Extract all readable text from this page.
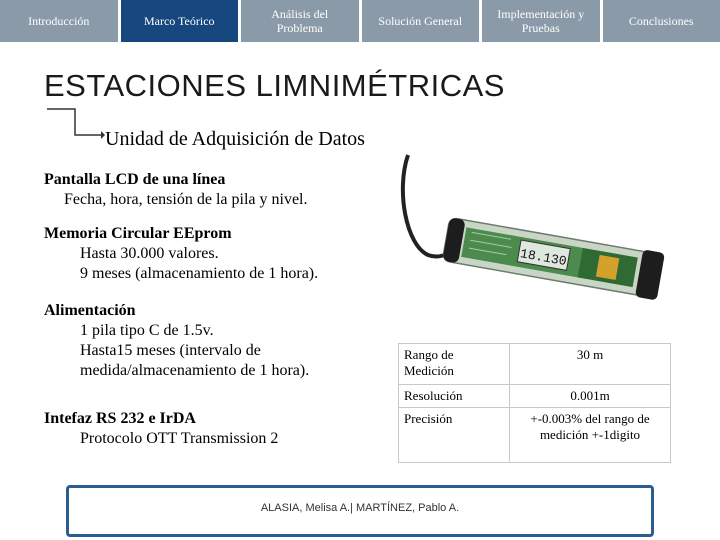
Introducción	Marco Teórico	Análisis del Problema	Solución General	Implementación y Pruebas	Conclusiones
ESTACIONES LIMNIMÉTRICAS
Unidad de Adquisición de Datos
Pantalla LCD de una línea
Fecha, hora, tensión de la pila y nivel.
Memoria Circular EEprom
Hasta 30.000 valores.
9 meses (almacenamiento de 1 hora).
Alimentación
1 pila tipo C de 1.5v.
Hasta15 meses (intervalo de
medida/almacenamiento de 1 hora).
Intefaz RS 232 e IrDA
Protocolo OTT Transmission 2
18.130
Rango de Medición	30 m
Resolución	0.001m
Precisión	+-0.003% del rango de medición +-1digito
ALASIA, Melisa A.| MARTÍNEZ, Pablo A.
